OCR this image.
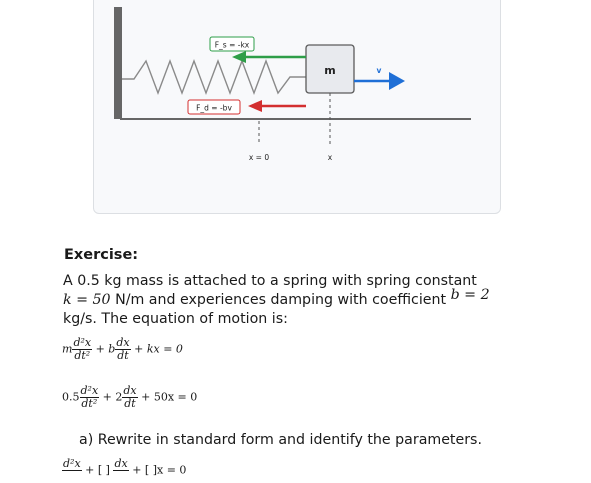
m
F_s = -kx
F_d = -bv
v
x = 0	x
Exercise:
A 0.5 kg mass is attached to a spring with spring constant
k = 50 N/m and experiences damping with coefficient b = 2
kg/s. The equation of motion is:
m $\frac{\text{d²x}}{\text{dt²}} + b \frac{dx}{dt}$ + kx = 0
$0.5 \frac{\text{d²x}}{\text{dt²}} + 2 \frac{dx}{dt} + 50x = 0$
a) Rewrite in standard form and identify the parameters.
d²x
+ [ ] dx
+ [ ]x = 0
